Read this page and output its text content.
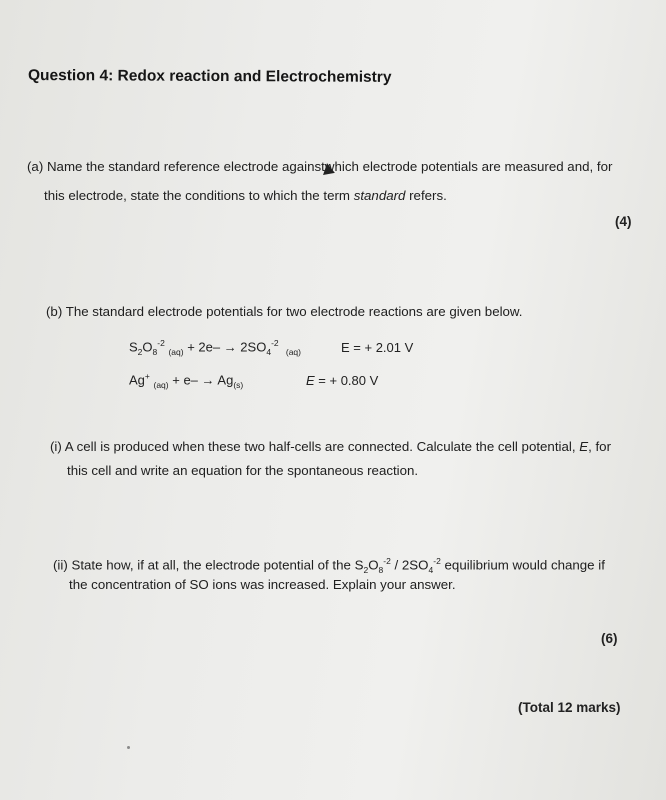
Question 4: Redox reaction and Electrochemistry
(a) Name the standard reference electrode againstwhich electrode potentials are measured and, for
this electrode, state the conditions to which the term standard refers.
(4)
(b) The standard electrode potentials for two electrode reactions are given below.
$S_2O_8^{-2}$ $_{(aq)} + 2e- \to 2SO_4^{-2}$  $_{(aq)}$	E = + 2.01 V
Ag+ $_{(aq)} + e- \to Ag_{(s)}$	E = + 0.80 V
(i) A cell is produced when these two half-cells are connected. Calculate the cell potential, E, for
this cell and write an equation for the spontaneous reaction.
(ii) State how, if at all, the electrode potential of the $S_2O_8^{-2} / 2SO_4^{-2}$ equilibrium would change if
the concentration of SO ions was increased. Explain your answer.
(6)
(Total 12 marks)
